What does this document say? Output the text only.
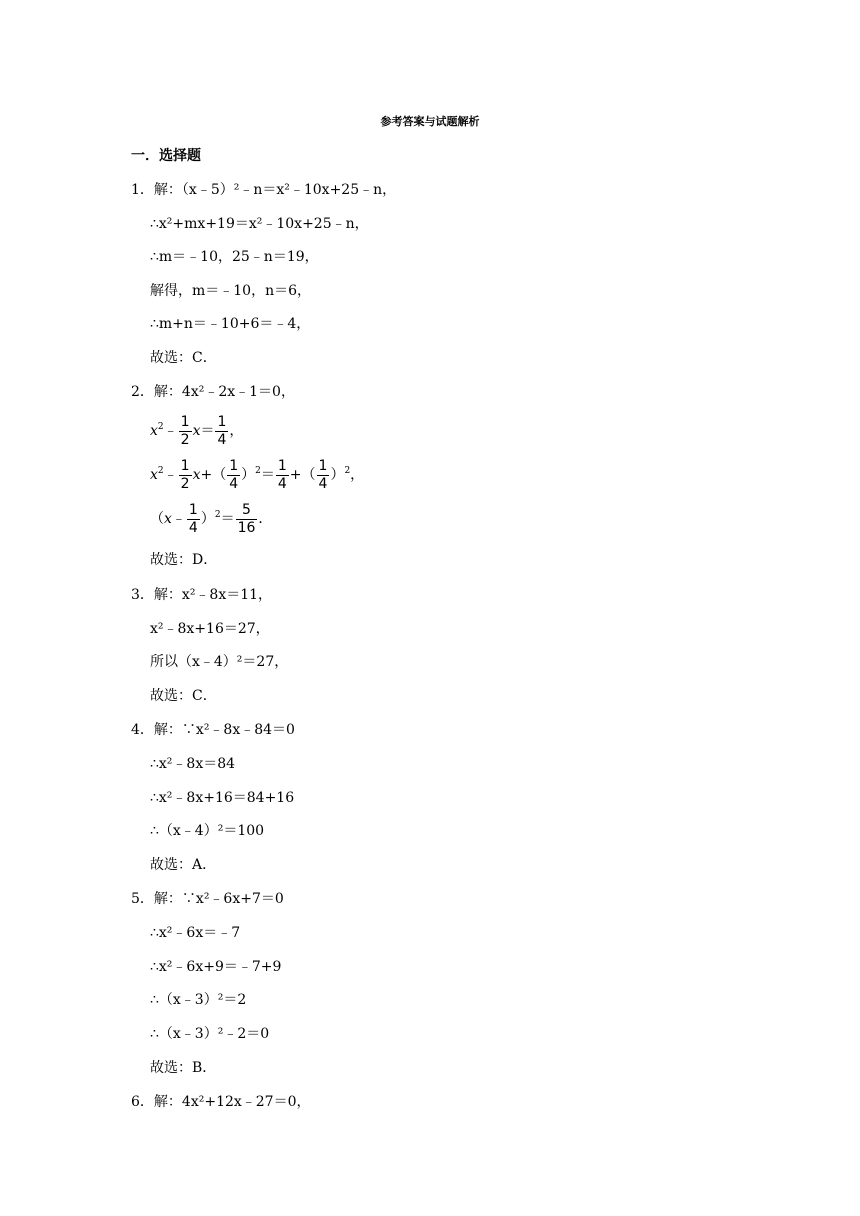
参考答案与试题解析
一．选择题
1．解：（x﹣5）²﹣n＝x²﹣10x+25﹣n，
∴x²+mx+19＝x²﹣10x+25﹣n，
∴m＝﹣10，25﹣n＝19，
解得，m＝﹣10，n＝6，
∴m+n＝﹣10+6＝﹣4，
故选：C．
2．解：4x²﹣2x﹣1＝0，
$x^2﹣ \frac{1}{2} x= \frac{1}{4}$ ，
$x^2﹣ \frac{1}{2} x+( \frac{1}{4} )^2= \frac{1}{4}$ +（ $\frac{1}{4} )^2$，
（x﹣ $\frac{1}{4} )^2= \frac{5}{16}$ ．
故选：D．
3．解：x²﹣8x＝11，
x²﹣8x+16＝27，
所以（x﹣4）²＝27，
故选：C．
4．解：∵x²﹣8x﹣84＝0
∴x²﹣8x＝84
∴x²﹣8x+16＝84+16
∴（x﹣4）²＝100
故选：A．
5．解：∵x²﹣6x+7＝0
∴x²﹣6x＝﹣7
∴x²﹣6x+9＝﹣7+9
∴（x﹣3）²＝2
∴（x﹣3）²﹣2＝0
故选：B．
6．解：4x²+12x﹣27＝0，
